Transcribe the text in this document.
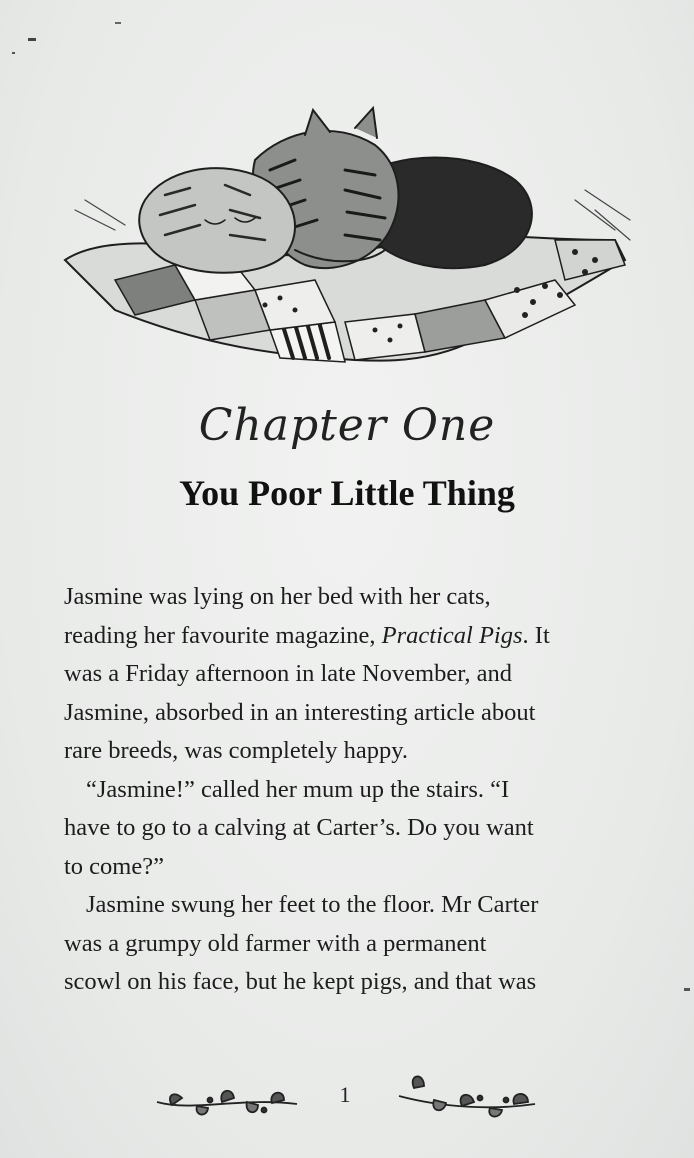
Chapter One
You Poor Little Thing
Jasmine was lying on her bed with her cats,
reading her favourite magazine, Practical Pigs. It
was a Friday afternoon in late November, and
Jasmine, absorbed in an interesting article about
rare breeds, was completely happy.
“Jasmine!” called her mum up the stairs. “I
have to go to a calving at Carter’s. Do you want
to come?”
Jasmine swung her feet to the floor. Mr Carter
was a grumpy old farmer with a permanent
scowl on his face, but he kept pigs, and that was
1
